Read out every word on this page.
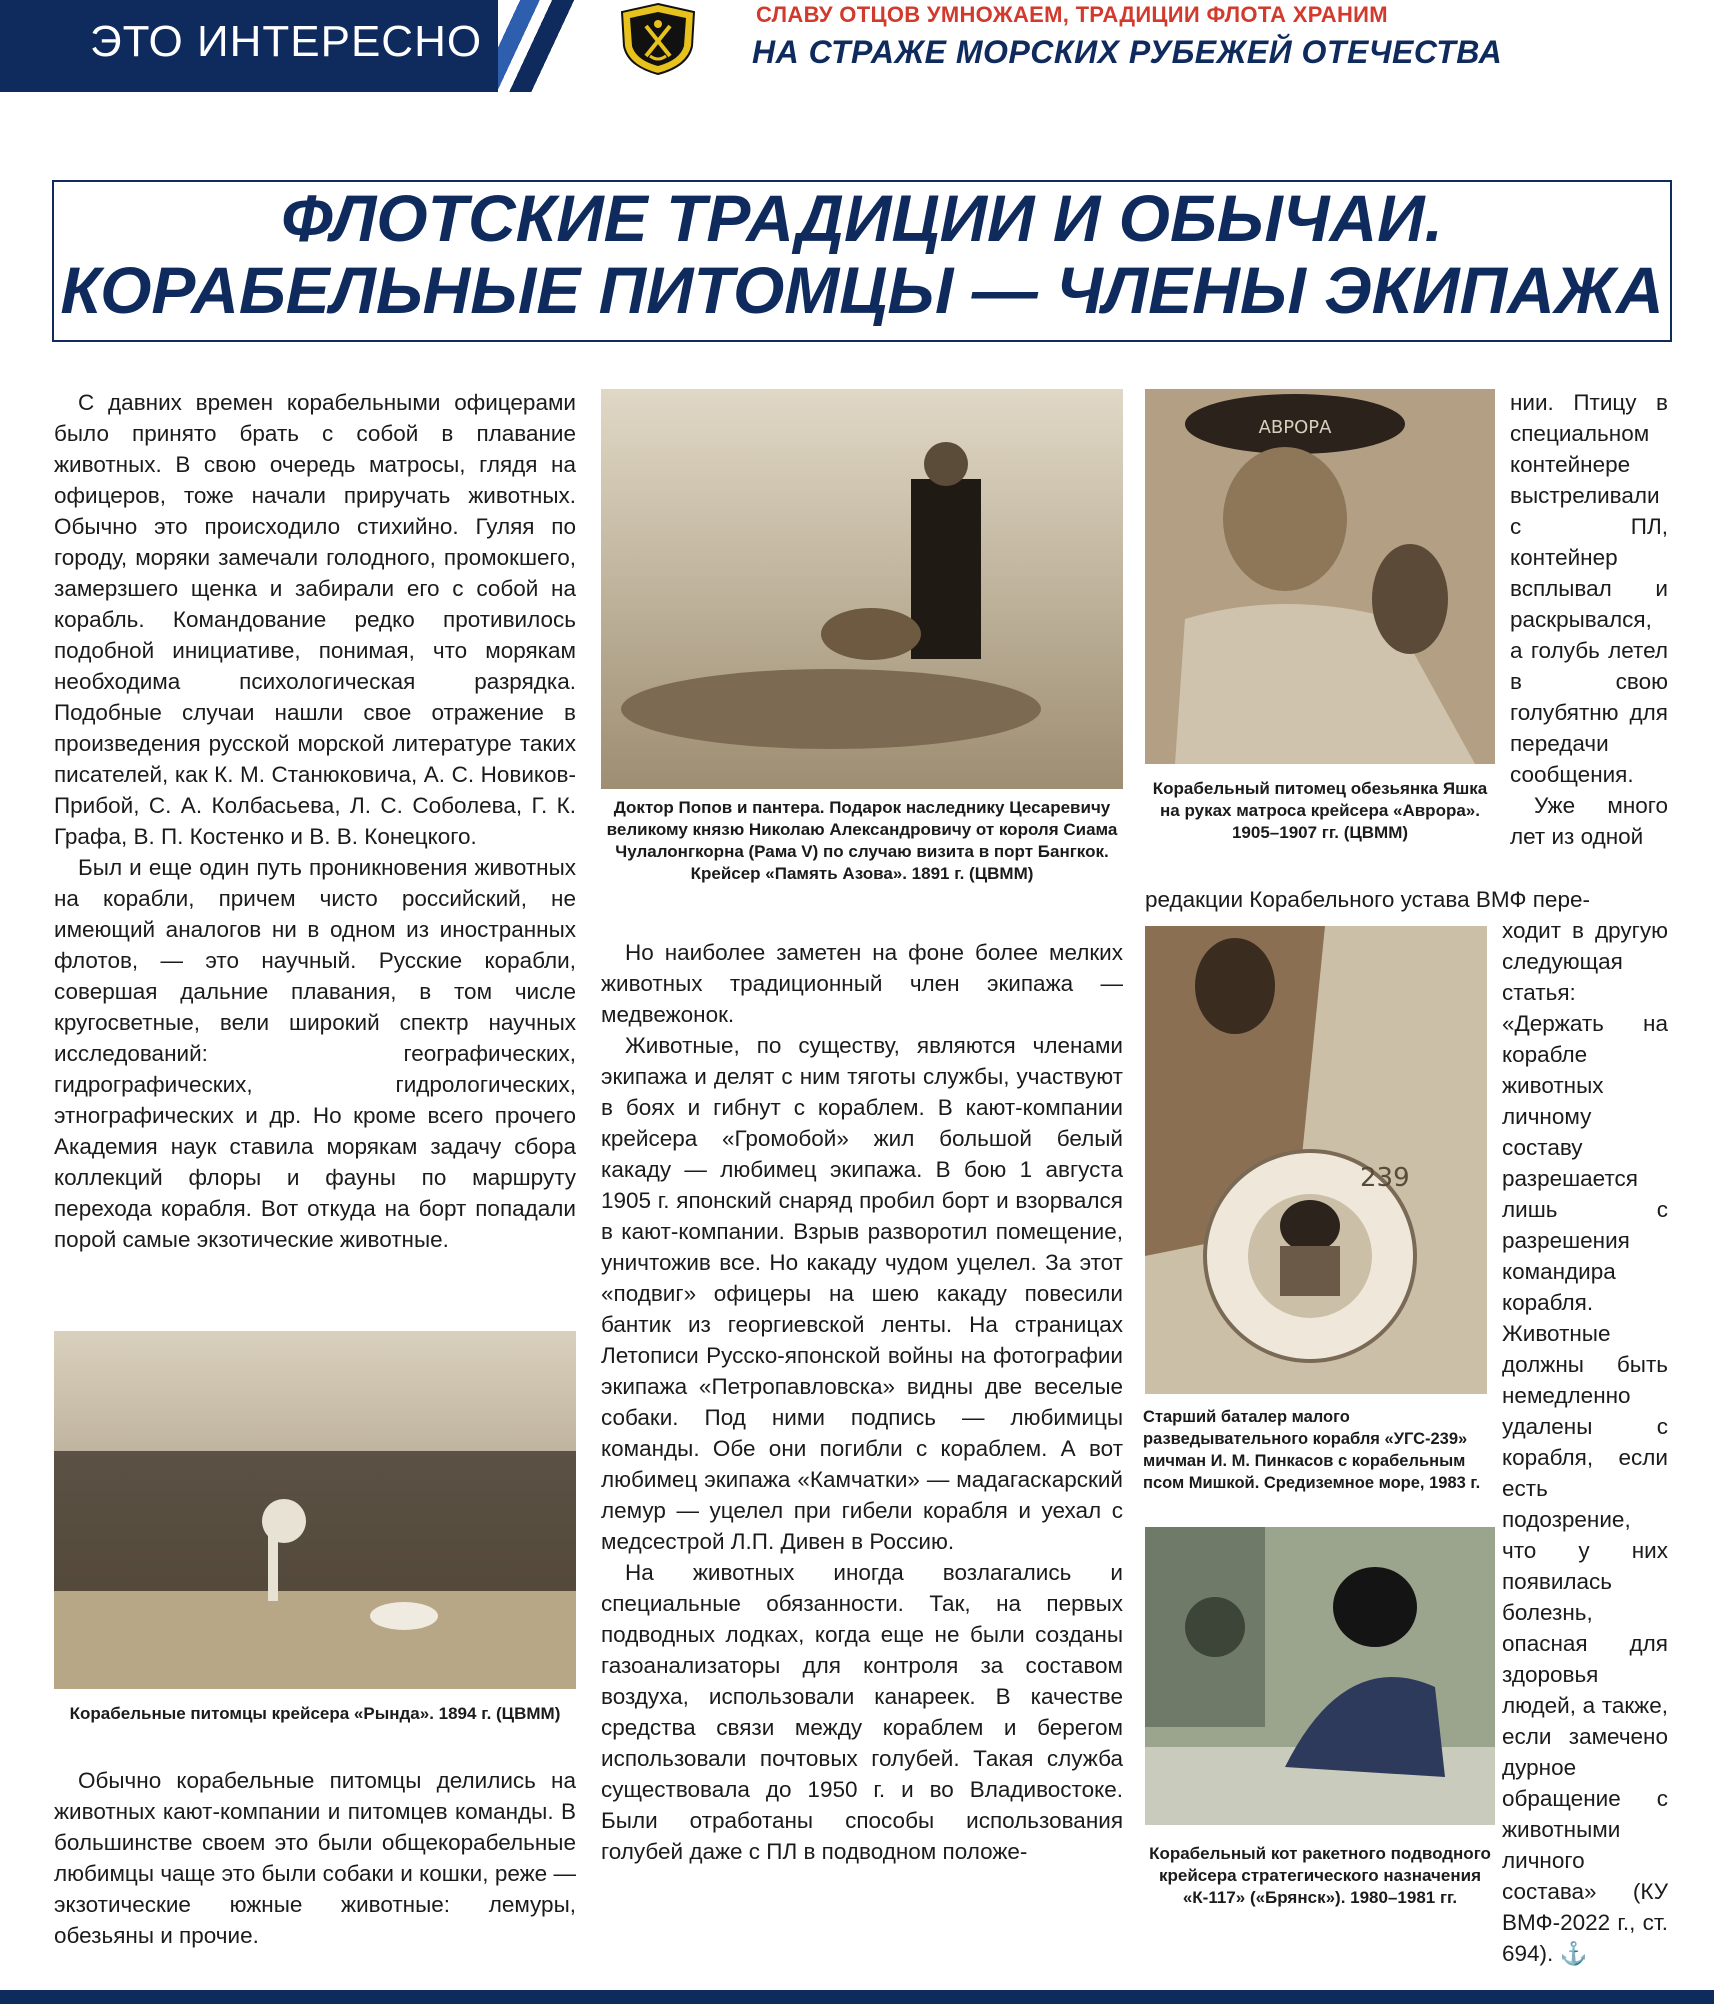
ЭТО ИНТЕРЕСНО
СЛАВУ ОТЦОВ УМНОЖАЕМ, ТРАДИЦИИ ФЛОТА ХРАНИМ
НА СТРАЖЕ МОРСКИХ РУБЕЖЕЙ ОТЕЧЕСТВА
ФЛОТСКИЕ ТРАДИЦИИ И ОБЫЧАИ.
КОРАБЕЛЬНЫЕ ПИТОМЦЫ — ЧЛЕНЫ ЭКИПАЖА

С давних времен корабельными офицерами было принято брать с собой в плавание животных. В свою очередь матросы, глядя на офицеров, тоже начали приручать животных. Обычно это происходило стихийно. Гуляя по городу, моряки замечали голодного, промокшего, замерзшего щенка и забирали его с собой на корабль. Командование редко противилось подобной инициативе, понимая, что морякам необходима психологическая разрядка. Подобные случаи нашли свое отражение в произведения русской морской литературе таких писателей, как К. М. Станюковича, А. С. Новиков-Прибой, С. А. Колбасьева, Л. С. Соболева, Г. К. Графа, В. П. Костенко и В. В. Конецкого.

Был и еще один путь проникновения животных на корабли, причем чисто российский, не имеющий аналогов ни в одном из иностранных флотов, — это научный. Русские корабли, совершая дальние плавания, в том числе кругосветные, вели широкий спектр научных исследований: географических, гидрографических, гидрологических, этнографических и др. Но кроме всего прочего Академия наук ставила морякам задачу сбора коллекций флоры и фауны по маршруту перехода корабля. Вот откуда на борт попадали порой самые экзотические животные.

Корабельные питомцы крейсера «Рында». 1894 г. (ЦВММ)

Обычно корабельные питомцы делились на животных кают-компании и питомцев команды. В большинстве своем это были общекорабельные любимцы чаще это были собаки и кошки, реже — экзотические южные животные: лемуры, обезьяны и прочие.

Доктор Попов и пантера. Подарок наследнику Цесаревичу великому князю Николаю Александровичу от короля Сиама Чулалонгкорна (Рама V) по случаю визита в порт Бангкок. Крейсер «Память Азова». 1891 г. (ЦВММ)

Но наиболее заметен на фоне более мелких животных традиционный член экипажа — медвежонок.

Животные, по существу, являются членами экипажа и делят с ним тяготы службы, участвуют в боях и гибнут с кораблем. В кают-компании крейсера «Громобой» жил большой белый какаду — любимец экипажа. В бою 1 августа 1905 г. японский снаряд пробил борт и взорвался в кают-компании. Взрыв разворотил помещение, уничтожив все. Но какаду чудом уцелел. За этот «подвиг» офицеры на шею какаду повесили бантик из георгиевской ленты. На страницах Летописи Русско-японской войны на фотографии экипажа «Петропавловска» видны две веселые собаки. Под ними подпись — любимицы команды. Обе они погибли с кораблем. А вот любимец экипажа «Камчатки» — мадагаскарский лемур — уцелел при гибели корабля и уехал с медсестрой Л.П. Дивен в Россию.

На животных иногда возлагались и специальные обязанности. Так, на первых подводных лодках, когда еще не были созданы газоанализаторы для контроля за составом воздуха, использовали канареек. В качестве средства связи между кораблем и берегом использовали почтовых голубей. Такая служба существовала до 1950 г. и во Владивостоке. Были отработаны способы использования голубей даже с ПЛ в подводном положе-

АВРОРА
Корабельный питомец обезьянка Яшка на руках матроса крейсера «Аврора». 1905–1907 гг. (ЦВММ)
редакции Корабельного устава ВМФ пере-
239
Старший баталер малого разведывательного корабля «УГС-239» мичман И. М. Пинкасов с корабельным псом Мишкой. Средиземное море, 1983 г.
Корабельный кот ракетного подводного крейсера стратегического назначения «К-117» («Брянск»). 1980–1981 гг.

нии. Птицу в специальном контейнере выстреливали с ПЛ, контейнер всплывал и раскрывался, а голубь летел в свою голубятню для передачи сообщения.

Уже много лет из одной

ходит в другую следующая статья: «Держать на корабле животных личному составу разрешается лишь с разрешения командира корабля. Животные должны быть немедленно удалены с корабля, если есть подозрение, что у них появилась болезнь, опасная для здоровья людей, а также, если замечено дурное обращение с животными личного состава» (КУ ВМФ-2022 г., ст. 694). ⚓
